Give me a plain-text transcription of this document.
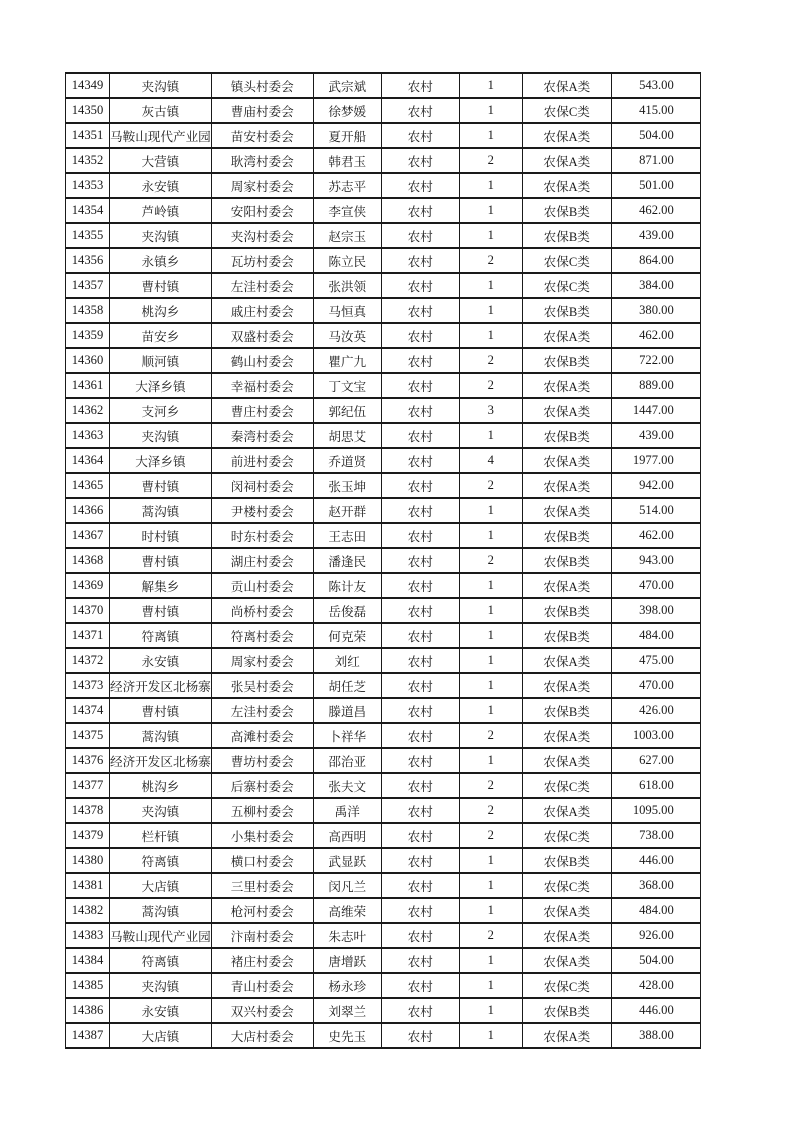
14349	夹沟镇	镇头村委会	武宗斌	农村	1	农保A类	543.00

14350	灰古镇	曹庙村委会	徐梦媛	农村	1	农保C类	415.00

14351	马鞍山现代产业园	苗安村委会	夏开船	农村	1	农保A类	504.00

14352	大营镇	耿湾村委会	韩君玉	农村	2	农保A类	871.00

14353	永安镇	周家村委会	苏志平	农村	1	农保A类	501.00

14354	芦岭镇	安阳村委会	李宣侠	农村	1	农保B类	462.00

14355	夹沟镇	夹沟村委会	赵宗玉	农村	1	农保B类	439.00

14356	永镇乡	瓦坊村委会	陈立民	农村	2	农保C类	864.00

14357	曹村镇	左洼村委会	张洪领	农村	1	农保C类	384.00

14358	桃沟乡	戚庄村委会	马恒真	农村	1	农保B类	380.00

14359	苗安乡	双盛村委会	马汝英	农村	1	农保A类	462.00

14360	顺河镇	鹤山村委会	瞿广九	农村	2	农保B类	722.00

14361	大泽乡镇	幸福村委会	丁文宝	农村	2	农保A类	889.00

14362	支河乡	曹庄村委会	郭纪伍	农村	3	农保A类	1447.00

14363	夹沟镇	秦湾村委会	胡思艾	农村	1	农保B类	439.00

14364	大泽乡镇	前进村委会	乔道贤	农村	4	农保A类	1977.00

14365	曹村镇	闵祠村委会	张玉坤	农村	2	农保A类	942.00

14366	蒿沟镇	尹楼村委会	赵开群	农村	1	农保A类	514.00

14367	时村镇	时东村委会	王志田	农村	1	农保B类	462.00

14368	曹村镇	湖庄村委会	潘逢民	农村	2	农保B类	943.00

14369	解集乡	贡山村委会	陈计友	农村	1	农保A类	470.00

14370	曹村镇	尚桥村委会	岳俊磊	农村	1	农保B类	398.00

14371	符离镇	符离村委会	何克荣	农村	1	农保B类	484.00

14372	永安镇	周家村委会	刘红	农村	1	农保A类	475.00

14373	经济开发区北杨寨	张吴村委会	胡任芝	农村	1	农保A类	470.00

14374	曹村镇	左洼村委会	滕道昌	农村	1	农保B类	426.00

14375	蒿沟镇	高滩村委会	卜祥华	农村	2	农保A类	1003.00

14376	经济开发区北杨寨	曹坊村委会	邵治亚	农村	1	农保A类	627.00

14377	桃沟乡	后寨村委会	张夫文	农村	2	农保C类	618.00

14378	夹沟镇	五柳村委会	禹洋	农村	2	农保A类	1095.00

14379	栏杆镇	小集村委会	高西明	农村	2	农保C类	738.00

14380	符离镇	横口村委会	武显跃	农村	1	农保B类	446.00

14381	大店镇	三里村委会	闵凡兰	农村	1	农保C类	368.00

14382	蒿沟镇	枪河村委会	高维荣	农村	1	农保A类	484.00

14383	马鞍山现代产业园	汴南村委会	朱志叶	农村	2	农保A类	926.00

14384	符离镇	褚庄村委会	唐增跃	农村	1	农保A类	504.00

14385	夹沟镇	青山村委会	杨永珍	农村	1	农保C类	428.00

14386	永安镇	双兴村委会	刘翠兰	农村	1	农保B类	446.00

14387	大店镇	大店村委会	史先玉	农村	1	农保A类	388.00
